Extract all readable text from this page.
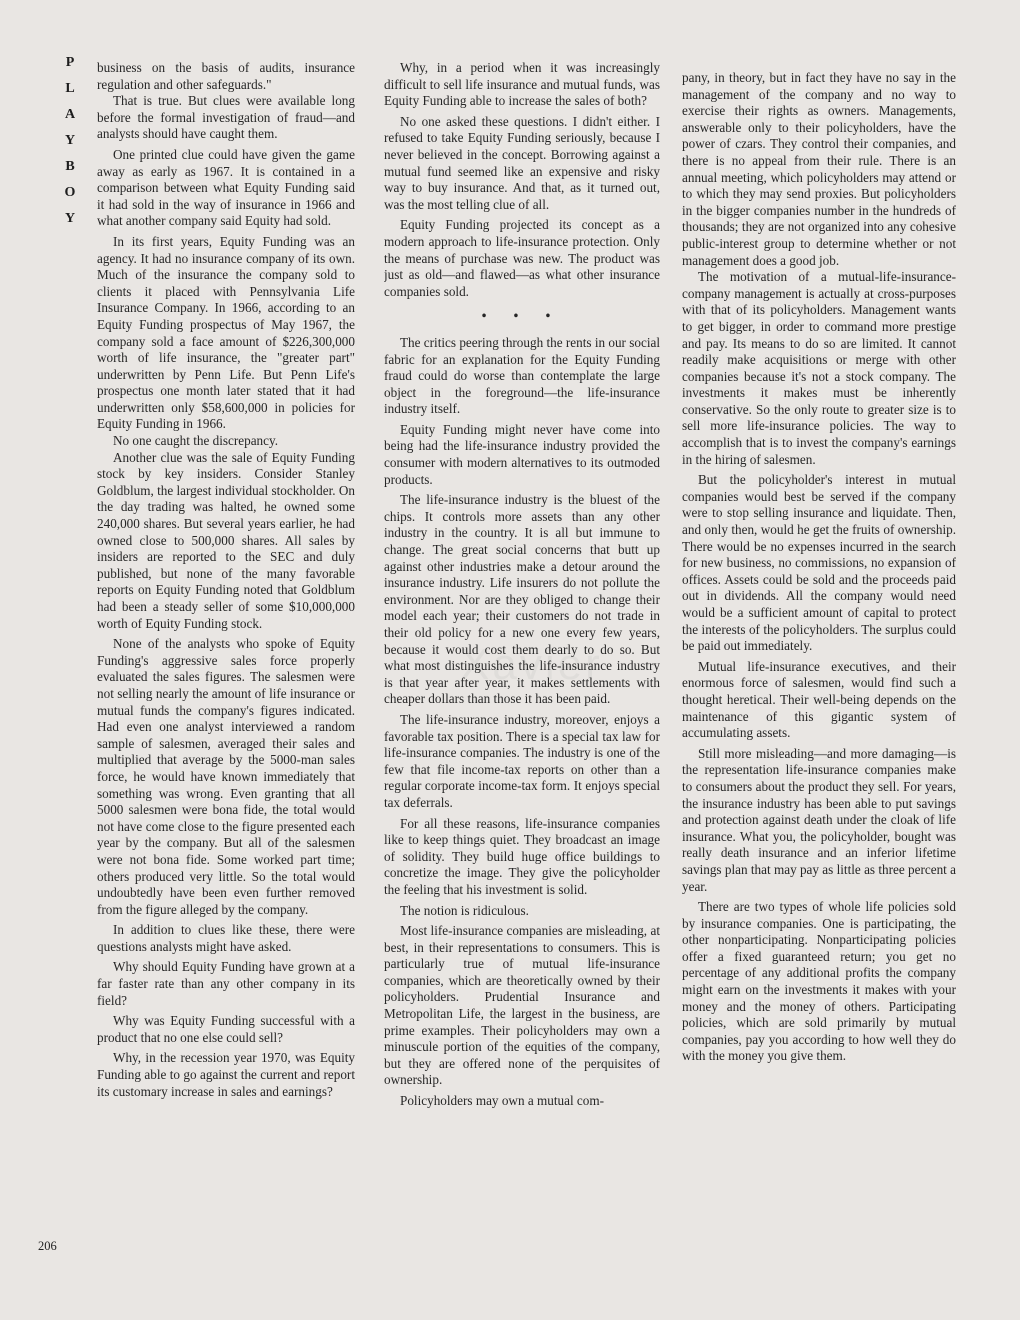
P
L
A
Y
B
O
Y

business on the basis of audits, insurance regulation and other safeguards."

That is true. But clues were available long before the formal investigation of fraud—and analysts should have caught them.

One printed clue could have given the game away as early as 1967. It is contained in a comparison between what Equity Funding said it had sold in the way of insurance in 1966 and what another company said Equity had sold.

In its first years, Equity Funding was an agency. It had no insurance company of its own. Much of the insurance the company sold to clients it placed with Pennsylvania Life Insurance Company. In 1966, according to an Equity Funding prospectus of May 1967, the company sold a face amount of $226,300,000 worth of life insurance, the "greater part" underwritten by Penn Life. But Penn Life's prospectus one month later stated that it had underwritten only $58,600,000 in policies for Equity Funding in 1966.

No one caught the discrepancy.

Another clue was the sale of Equity Funding stock by key insiders. Consider Stanley Goldblum, the largest individual stockholder. On the day trading was halted, he owned some 240,000 shares. But several years earlier, he had owned close to 500,000 shares. All sales by insiders are reported to the SEC and duly published, but none of the many favorable reports on Equity Funding noted that Goldblum had been a steady seller of some $10,000,000 worth of Equity Funding stock.

None of the analysts who spoke of Equity Funding's aggressive sales force properly evaluated the sales figures. The salesmen were not selling nearly the amount of life insurance or mutual funds the company's figures indicated. Had even one analyst interviewed a random sample of salesmen, averaged their sales and multiplied that average by the 5000-man sales force, he would have known immediately that something was wrong. Even granting that all 5000 salesmen were bona fide, the total would not have come close to the figure presented each year by the company. But all of the salesmen were not bona fide. Some worked part time; others produced very little. So the total would undoubtedly have been even further removed from the figure alleged by the company.

In addition to clues like these, there were questions analysts might have asked.

Why should Equity Funding have grown at a far faster rate than any other company in its field?

Why was Equity Funding successful with a product that no one else could sell?

Why, in the recession year 1970, was Equity Funding able to go against the current and report its customary increase in sales and earnings?

Why, in a period when it was increasingly difficult to sell life insurance and mutual funds, was Equity Funding able to increase the sales of both?

No one asked these questions. I didn't either. I refused to take Equity Funding seriously, because I never believed in the concept. Borrowing against a mutual fund seemed like an expensive and risky way to buy insurance. And that, as it turned out, was the most telling clue of all.

Equity Funding projected its concept as a modern approach to life-insurance protection. Only the means of purchase was new. The product was just as old—and flawed—as what other insurance companies sold.

• • •

The critics peering through the rents in our social fabric for an explanation for the Equity Funding fraud could do worse than contemplate the large object in the foreground—the life-insurance industry itself.

Equity Funding might never have come into being had the life-insurance industry provided the consumer with modern alternatives to its outmoded products.

The life-insurance industry is the bluest of the chips. It controls more assets than any other industry in the country. It is all but immune to change. The great social concerns that butt up against other industries make a detour around the insurance industry. Life insurers do not pollute the environment. Nor are they obliged to change their model each year; their customers do not trade in their old policy for a new one every few years, because it would cost them dearly to do so. But what most distinguishes the life-insurance industry is that year after year, it makes settlements with cheaper dollars than those it has been paid.

The life-insurance industry, moreover, enjoys a favorable tax position. There is a special tax law for life-insurance companies. The industry is one of the few that file income-tax reports on other than a regular corporate income-tax form. It enjoys special tax deferrals.

For all these reasons, life-insurance companies like to keep things quiet. They broadcast an image of solidity. They build huge office buildings to concretize the image. They give the policyholder the feeling that his investment is solid.

The notion is ridiculous.

Most life-insurance companies are misleading, at best, in their representations to consumers. This is particularly true of mutual life-insurance companies, which are theoretically owned by their policyholders. Prudential Insurance and Metropolitan Life, the largest in the business, are prime examples. Their policyholders may own a minuscule portion of the equities of the company, but they are offered none of the perquisites of ownership.

Policyholders may own a mutual com-

pany, in theory, but in fact they have no say in the management of the company and no way to exercise their rights as owners. Managements, answerable only to their policyholders, have the power of czars. They control their companies, and there is no appeal from their rule. There is an annual meeting, which policyholders may attend or to which they may send proxies. But policyholders in the bigger companies number in the hundreds of thousands; they are not organized into any cohesive public-interest group to determine whether or not management does a good job.

The motivation of a mutual-life-insurance-company management is actually at cross-purposes with that of its policyholders. Management wants to get bigger, in order to command more prestige and pay. Its means to do so are limited. It cannot readily make acquisitions or merge with other companies because it's not a stock company. The investments it makes must be inherently conservative. So the only route to greater size is to sell more life-insurance policies. The way to accomplish that is to invest the company's earnings in the hiring of salesmen.

But the policyholder's interest in mutual companies would best be served if the company were to stop selling insurance and liquidate. Then, and only then, would he get the fruits of ownership. There would be no expenses incurred in the search for new business, no commissions, no expansion of offices. Assets could be sold and the proceeds paid out in dividends. All the company would need would be a sufficient amount of capital to protect the interests of the policyholders. The surplus could be paid out immediately.

Mutual life-insurance executives, and their enormous force of salesmen, would find such a thought heretical. Their well-being depends on the maintenance of this gigantic system of accumulating assets.

Still more misleading—and more damaging—is the representation life-insurance companies make to consumers about the product they sell. For years, the insurance industry has been able to put savings and protection against death under the cloak of life insurance. What you, the policyholder, bought was really death insurance and an inferior lifetime savings plan that may pay as little as three percent a year.

There are two types of whole life policies sold by insurance companies. One is participating, the other nonparticipating. Nonparticipating policies offer a fixed guaranteed return; you get no percentage of any additional profits the company might earn on the investments it makes with your money and the money of others. Participating policies, which are sold primarily by mutual companies, pay you according to how well they do with the money you give them.

206
